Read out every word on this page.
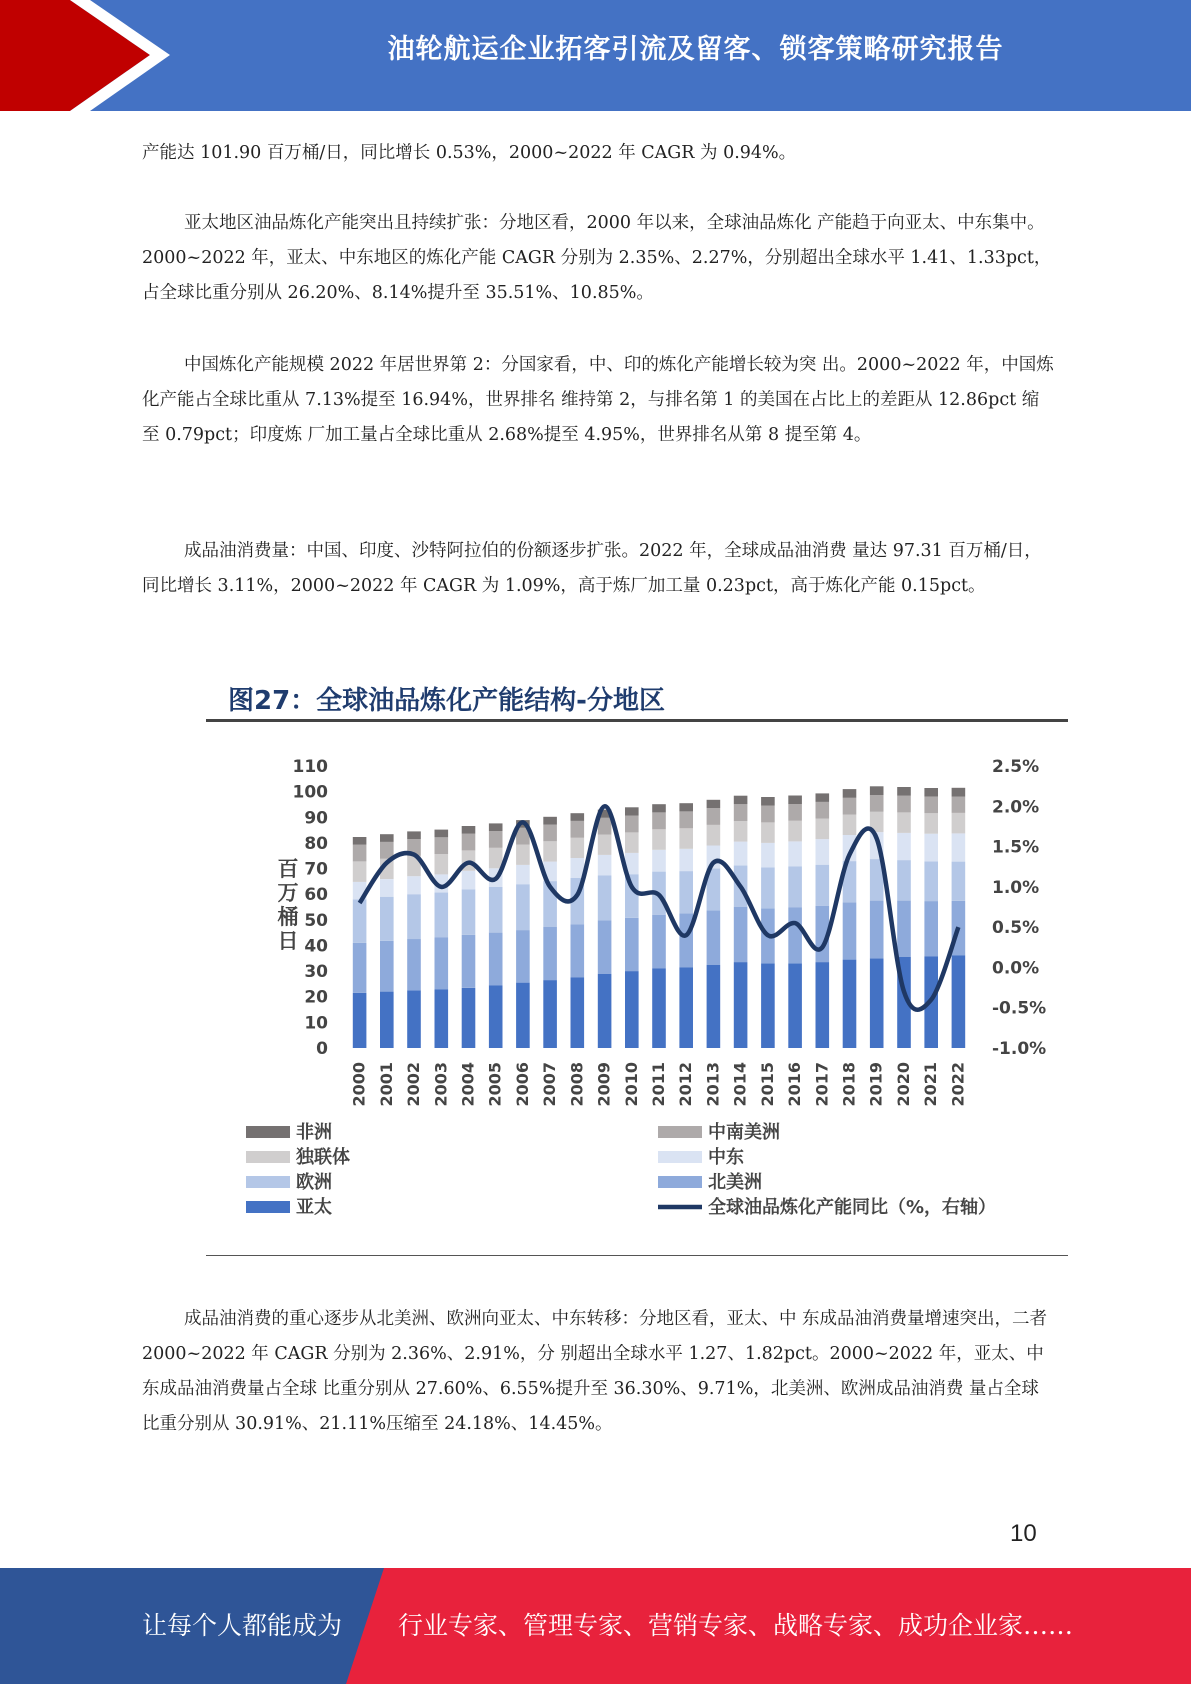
油轮航运企业拓客引流及留客、锁客策略研究报告

产能达 101.90 百万桶/日，同比增长 0.53%，2000~2022 年 CAGR 为 0.94%。

亚太地区油品炼化产能突出且持续扩张：分地区看，2000 年以来，全球油品炼化 产能趋于向亚太、中东集中。2000~2022 年，亚太、中东地区的炼化产能 CAGR 分别为 2.35%、2.27%，分别超出全球水平 1.41、1.33pct，占全球比重分别从 26.20%、8.14%提升至 35.51%、10.85%。

中国炼化产能规模 2022 年居世界第 2：分国家看，中、印的炼化产能增长较为突 出。2000~2022 年，中国炼化产能占全球比重从 7.13%提至 16.94%，世界排名 维持第 2，与排名第 1 的美国在占比上的差距从 12.86pct 缩至 0.79pct；印度炼 厂加工量占全球比重从 2.68%提至 4.95%，世界排名从第 8 提至第 4。

成品油消费量：中国、印度、沙特阿拉伯的份额逐步扩张。2022 年，全球成品油消费 量达 97.31 百万桶/日，同比增长 3.11%，2000~2022 年 CAGR 为 1.09%，高于炼厂加工量 0.23pct，高于炼化产能 0.15pct。

图27：全球油品炼化产能结构-分地区
0
10
20
30
40
50
60
70
80
90
100
110
-1.0%
-0.5%
0.0%
0.5%
1.0%
1.5%
2.0%
2.5%
百
万
桶
日
2000 2001 2002 2003 2004 2005 2006 2007 2008 2009 2010 2011 2012 2013 2014 2015 2016 2017 2018 2019 2020 2021 2022
非洲	中南美洲
独联体	中东
欧洲	北美洲
亚太	全球油品炼化产能同比（%，右轴）

成品油消费的重心逐步从北美洲、欧洲向亚太、中东转移：分地区看，亚太、中 东成品油消费量增速突出，二者 2000~2022 年 CAGR 分别为 2.36%、2.91%，分 别超出全球水平 1.27、1.82pct。2000~2022 年，亚太、中东成品油消费量占全球 比重分别从 27.60%、6.55%提升至 36.30%、9.71%，北美洲、欧洲成品油消费 量占全球比重分别从 30.91%、21.11%压缩至 24.18%、14.45%。

10
让每个人都能成为 行业专家、管理专家、营销专家、战略专家、成功企业家……
